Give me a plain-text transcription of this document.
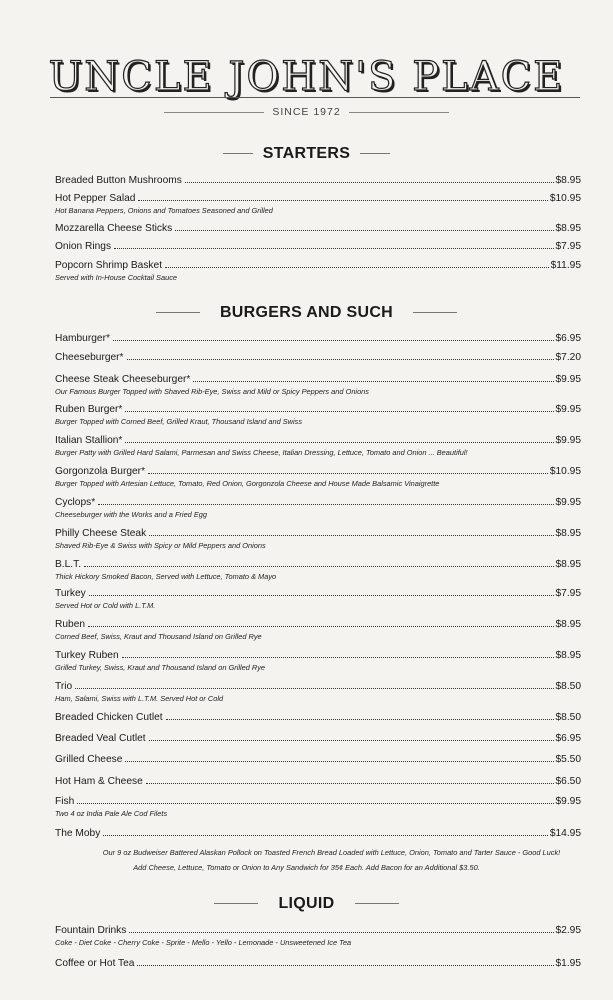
UNCLE JOHN'S PLACE
SINCE 1972
STARTERS
Breaded Button Mushrooms	$8.95
Hot Pepper Salad	$10.95
Hot Banana Peppers, Onions and Tomatoes Seasoned and Grilled
Mozzarella Cheese Sticks	$8.95
Onion Rings	$7.95
Popcorn Shrimp Basket	$11.95
Served with In-House Cocktail Sauce
BURGERS AND SUCH
Hamburger*	$6.95
Cheeseburger*	$7.20
Cheese Steak Cheeseburger*	$9.95
Our Famous Burger Topped with Shaved Rib-Eye, Swiss and Mild or Spicy Peppers and Onions
Ruben Burger*	$9.95
Burger Topped with Corned Beef, Grilled Kraut, Thousand Island and Swiss
Italian Stallion*	$9.95
Burger Patty with Grilled Hard Salami, Parmesan and Swiss Cheese, Italian Dressing, Lettuce, Tomato and Onion ... Beautiful!
Gorgonzola Burger*	$10.95
Burger Topped with Artesian Lettuce, Tomato, Red Onion, Gorgonzola Cheese and House Made Balsamic Vinaigrette
Cyclops*	$9.95
Cheeseburger with the Works and a Fried Egg
Philly Cheese Steak	$8.95
Shaved Rib-Eye & Swiss with Spicy or Mild Peppers and Onions
B.L.T.	$8.95
Thick Hickory Smoked Bacon, Served with Lettuce, Tomato & Mayo
Turkey	$7.95
Served Hot or Cold with L.T.M.
Ruben	$8.95
Corned Beef, Swiss, Kraut and Thousand Island on Grilled Rye
Turkey Ruben	$8.95
Grilled Turkey, Swiss, Kraut and Thousand Island on Grilled Rye
Trio	$8.50
Ham, Salami, Swiss with L.T.M. Served Hot or Cold
Breaded Chicken Cutlet	$8.50
Breaded Veal Cutlet	$6.95
Grilled Cheese	$5.50
Hot Ham & Cheese	$6.50
Fish	$9.95
Two 4 oz India Pale Ale Cod Filets
The Moby	$14.95
Our 9 oz Budweiser Battered Alaskan Pollock on Toasted French Bread Loaded with Lettuce, Onion, Tomato and Tarter Sauce - Good Luck!
Add Cheese, Lettuce, Tomato or Onion to Any Sandwich for 35¢ Each. Add Bacon for an Additional $3.50.
LIQUID
Fountain Drinks	$2.95
Coke - Diet Coke - Cherry Coke - Sprite - Mello - Yello - Lemonade - Unsweetened Ice Tea
Coffee or Hot Tea	$1.95
